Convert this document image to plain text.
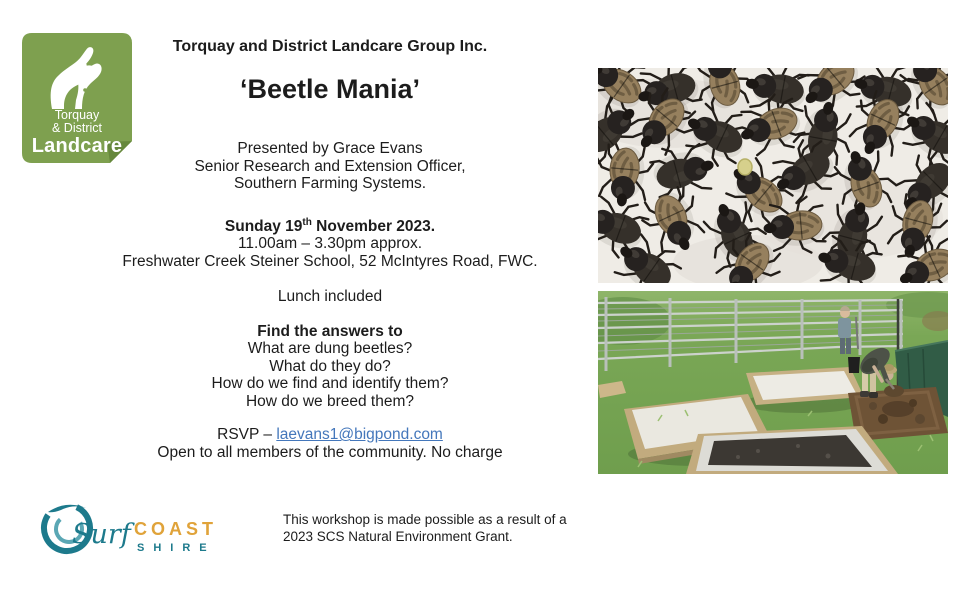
Torquay
& District
Landcare
Torquay and District Landcare Group Inc.
‘Beetle Mania’
Presented by Grace Evans
Senior Research and Extension Officer,
Southern Farming Systems.
Sunday 19th November 2023.
11.00am – 3.30pm approx.
Freshwater Creek Steiner School, 52 McIntyres Road, FWC.
Lunch included
Find the answers to
What are dung beetles?
What do they do?
How do we find and identify them?
How do we breed them?
RSVP – laevans1@bigpond.com
Open to all members of the community. No charge
Surf COAST
SHIRE
This workshop is made possible as a result of a
2023 SCS Natural Environment Grant.
